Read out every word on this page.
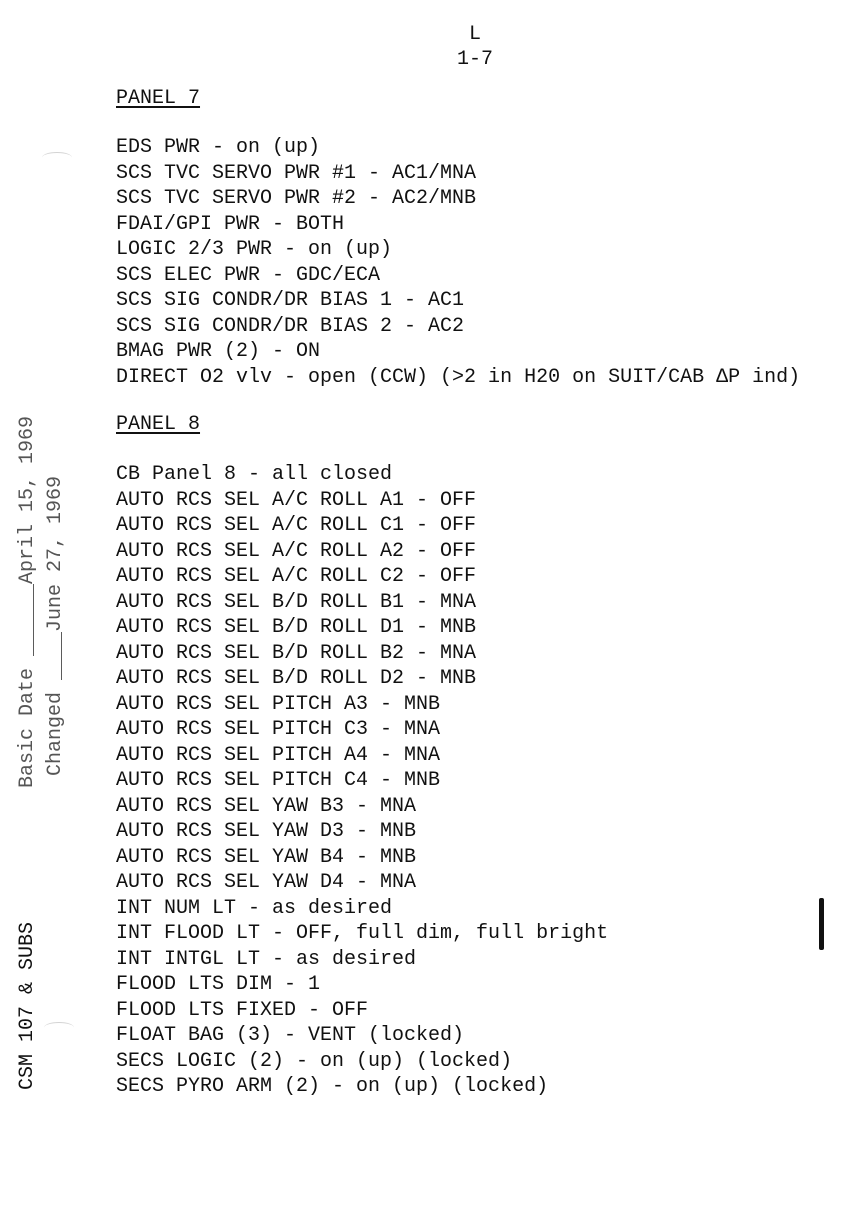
L
1-7
PANEL 7
EDS PWR - on (up)
SCS TVC SERVO PWR #1 - AC1/MNA
SCS TVC SERVO PWR #2 - AC2/MNB
FDAI/GPI PWR - BOTH
LOGIC 2/3 PWR - on (up)
SCS ELEC PWR - GDC/ECA
SCS SIG CONDR/DR BIAS 1 - AC1
SCS SIG CONDR/DR BIAS 2 - AC2
BMAG PWR (2) - ON
DIRECT O2 vlv - open (CCW) (>2 in H20 on SUIT/CAB ΔP ind)
PANEL 8
CB Panel 8 - all closed
AUTO RCS SEL A/C ROLL A1 - OFF
AUTO RCS SEL A/C ROLL C1 - OFF
AUTO RCS SEL A/C ROLL A2 - OFF
AUTO RCS SEL A/C ROLL C2 - OFF
AUTO RCS SEL B/D ROLL B1 - MNA
AUTO RCS SEL B/D ROLL D1 - MNB
AUTO RCS SEL B/D ROLL B2 - MNA
AUTO RCS SEL B/D ROLL D2 - MNB
AUTO RCS SEL PITCH A3 - MNB
AUTO RCS SEL PITCH C3 - MNA
AUTO RCS SEL PITCH A4 - MNA
AUTO RCS SEL PITCH C4 - MNB
AUTO RCS SEL YAW B3 - MNA
AUTO RCS SEL YAW D3 - MNB
AUTO RCS SEL YAW B4 - MNB
AUTO RCS SEL YAW D4 - MNA
INT NUM LT - as desired
INT FLOOD LT - OFF, full dim, full bright
INT INTGL LT - as desired
FLOOD LTS DIM - 1
FLOOD LTS FIXED - OFF
FLOAT BAG (3) - VENT (locked)
SECS LOGIC (2) - on (up) (locked)
SECS PYRO ARM (2) - on (up) (locked)
Basic Date ______April 15, 1969 Changed ____June 27, 1969
CSM 107 & SUBS
